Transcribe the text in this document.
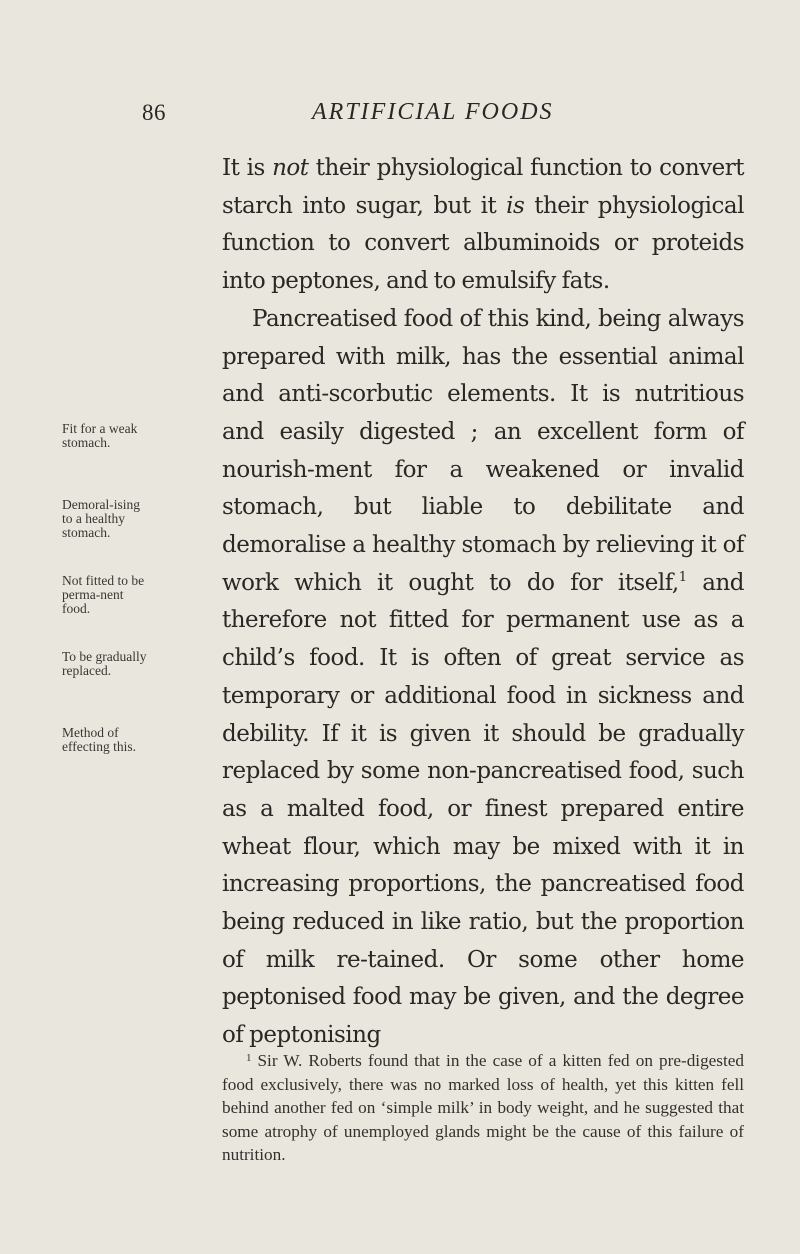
86	ARTIFICIAL FOODS

It is not their physiological function to convert starch into sugar, but it is their physiological function to convert albuminoids or proteids into peptones, and to emulsify fats.

Pancreatised food of this kind, being always prepared with milk, has the essential animal and anti-scorbutic elements. It is nutritious and easily digested ; an excellent form of nourish-ment for a weakened or invalid stomach, but liable to debilitate and demoralise a healthy stomach by relieving it of work which it ought to do for itself,$^1$ and therefore not fitted for permanent use as a child’s food. It is often of great service as temporary or additional food in sickness and debility. If it is given it should be gradually replaced by some non-pancreatised food, such as a malted food, or finest prepared entire wheat flour, which may be mixed with it in increasing proportions, the pancreatised food being reduced in like ratio, but the proportion of milk re-tained. Or some other home peptonised food may be given, and the degree of peptonising

Fit for a weak stomach.
Demoral-ising to a healthy stomach.
Not fitted to be perma-nent food.
To be gradually replaced.
Method of effecting this.

$^1$ Sir W. Roberts found that in the case of a kitten fed on pre-digested food exclusively, there was no marked loss of health, yet this kitten fell behind another fed on ‘simple milk’ in body weight, and he suggested that some atrophy of unemployed glands might be the cause of this failure of nutrition.
